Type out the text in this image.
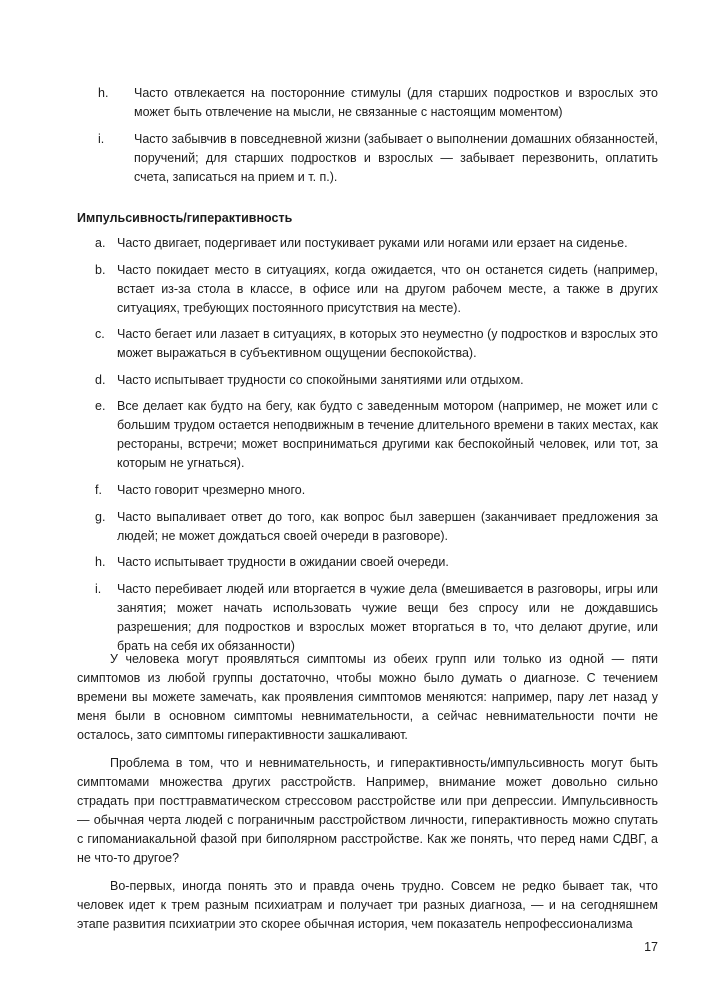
h.	Часто отвлекается на посторонние стимулы (для старших подростков и взрослых это может быть отвлечение на мысли, не связанные с настоящим моментом)
i.	Часто забывчив в повседневной жизни (забывает о выполнении домашних обязанностей, поручений; для старших подростков и взрослых — забывает перезвонить, оплатить счета, записаться на прием и т. п.).
Импульсивность/гиперактивность
a. Часто двигает, подергивает или постукивает руками или ногами или ерзает на сиденье.
b. Часто покидает место в ситуациях, когда ожидается, что он останется сидеть (например, встает из-за стола в классе, в офисе или на другом рабочем месте, а также в других ситуациях, требующих постоянного присутствия на месте).
c. Часто бегает или лазает в ситуациях, в которых это неуместно (у подростков и взрослых это может выражаться в субъективном ощущении беспокойства).
d. Часто испытывает трудности со спокойными занятиями или отдыхом.
e. Все делает как будто на бегу, как будто с заведенным мотором (например, не может или с большим трудом остается неподвижным в течение длительного времени в таких местах, как рестораны, встречи; может восприниматься другими как беспокойный человек, или тот, за которым не угнаться).
f.	Часто говорит чрезмерно много.
g. Часто выпаливает ответ до того, как вопрос был завершен (заканчивает предложения за людей; не может дождаться своей очереди в разговоре).
h. Часто испытывает трудности в ожидании своей очереди.
i.	Часто перебивает людей или вторгается в чужие дела (вмешивается в разговоры, игры или занятия; может начать использовать чужие вещи без спросу или не дождавшись разрешения; для подростков и взрослых может вторгаться в то, что делают другие, или брать на себя их обязанности)

У человека могут проявляться симптомы из обеих групп или только из одной — пяти симптомов из любой группы достаточно, чтобы можно было думать о диагнозе. С течением времени вы можете замечать, как проявления симптомов меняются: например, пару лет назад у меня были в основном симптомы невнимательности, а сейчас невнимательности почти не осталось, зато симптомы гиперактивности зашкаливают.

Проблема в том, что и невнимательность, и гиперактивность/импульсивность могут быть симптомами множества других расстройств. Например, внимание может довольно сильно страдать при посттравматическом стрессовом расстройстве или при депрессии. Импульсивность — обычная черта людей с пограничным расстройством личности, гиперактивность можно спутать с гипоманиакальной фазой при биполярном расстройстве. Как же понять, что перед нами СДВГ, а не что-то другое?

Во-первых, иногда понять это и правда очень трудно. Совсем не редко бывает так, что человек идет к трем разным психиатрам и получает три разных диагноза, — и на сегодняшнем этапе развития психиатрии это скорее обычная история, чем показатель непрофессионализма

17
